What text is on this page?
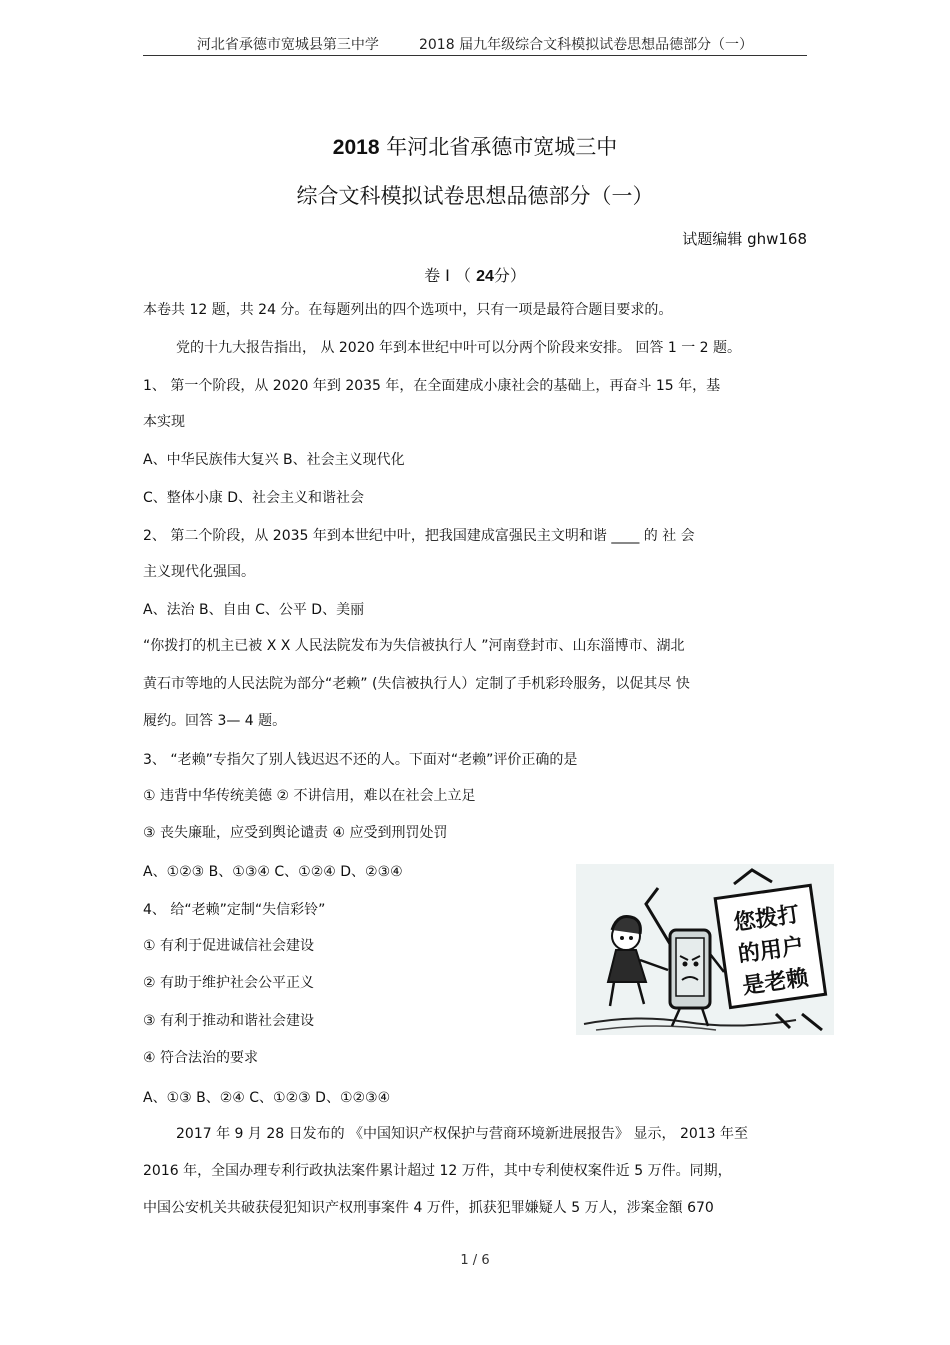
河北省承德市宽城县第三中学	2018 届九年级综合文科模拟试卷思想品德部分（一）
2018 年河北省承德市宽城三中
综合文科模拟试卷思想品德部分（一）
试题编辑 ghw168
卷 I （ 24分）
本卷共 12 题，共 24 分。在每题列出的四个选项中，只有一项是最符合题目要求的。
党的十九大报告指出， 从 2020 年到本世纪中叶可以分两个阶段来安排。 回答 1 一 2 题。
1、 第一个阶段，从 2020 年到 2035 年，在全面建成小康社会的基础上，再奋斗 15 年，基
本实现
A、中华民族伟大复兴 B、社会主义现代化
C、整体小康 D、社会主义和谐社会
2、 第二个阶段，从 2035 年到本世纪中叶，把我国建成富强民主文明和谐 ____ 的 社 会
主义现代化强国。
A、法治 B、自由 C、公平 D、美丽
“你拨打的机主已被 X X 人民法院发布为失信被执行人 ”河南登封市、山东淄博市、湖北
黄石市等地的人民法院为部分“老赖” (失信被执行人）定制了手机彩玲服务，以促其尽 快
履约。回答 3— 4 题。
3、 “老赖”专指欠了别人钱迟迟不还的人。下面对“老赖”评价正确的是
① 违背中华传统美德 ② 不讲信用，难以在社会上立足
③ 丧失廉耻，应受到舆论谴责 ④ 应受到刑罚处罚
A、①②③ B、①③④ C、①②④ D、②③④
4、 给“老赖”定制“失信彩铃”
① 有利于促进诚信社会建设
② 有助于维护社会公平正义
③ 有利于推动和谐社会建设
④ 符合法治的要求
A、①③ B、②④ C、①②③ D、①②③④
您拨打
的用户
是老赖
2017 年 9 月 28 日发布的 《中国知识产权保护与营商环境新进展报告》 显示， 2013 年至
2016 年，全国办理专利行政执法案件累计超过 12 万件，其中专利使权案件近 5 万件。同期，
中国公安机关共破获侵犯知识产权刑事案件 4 万件，抓获犯罪嫌疑人 5 万人，涉案金額 670
1 / 6
